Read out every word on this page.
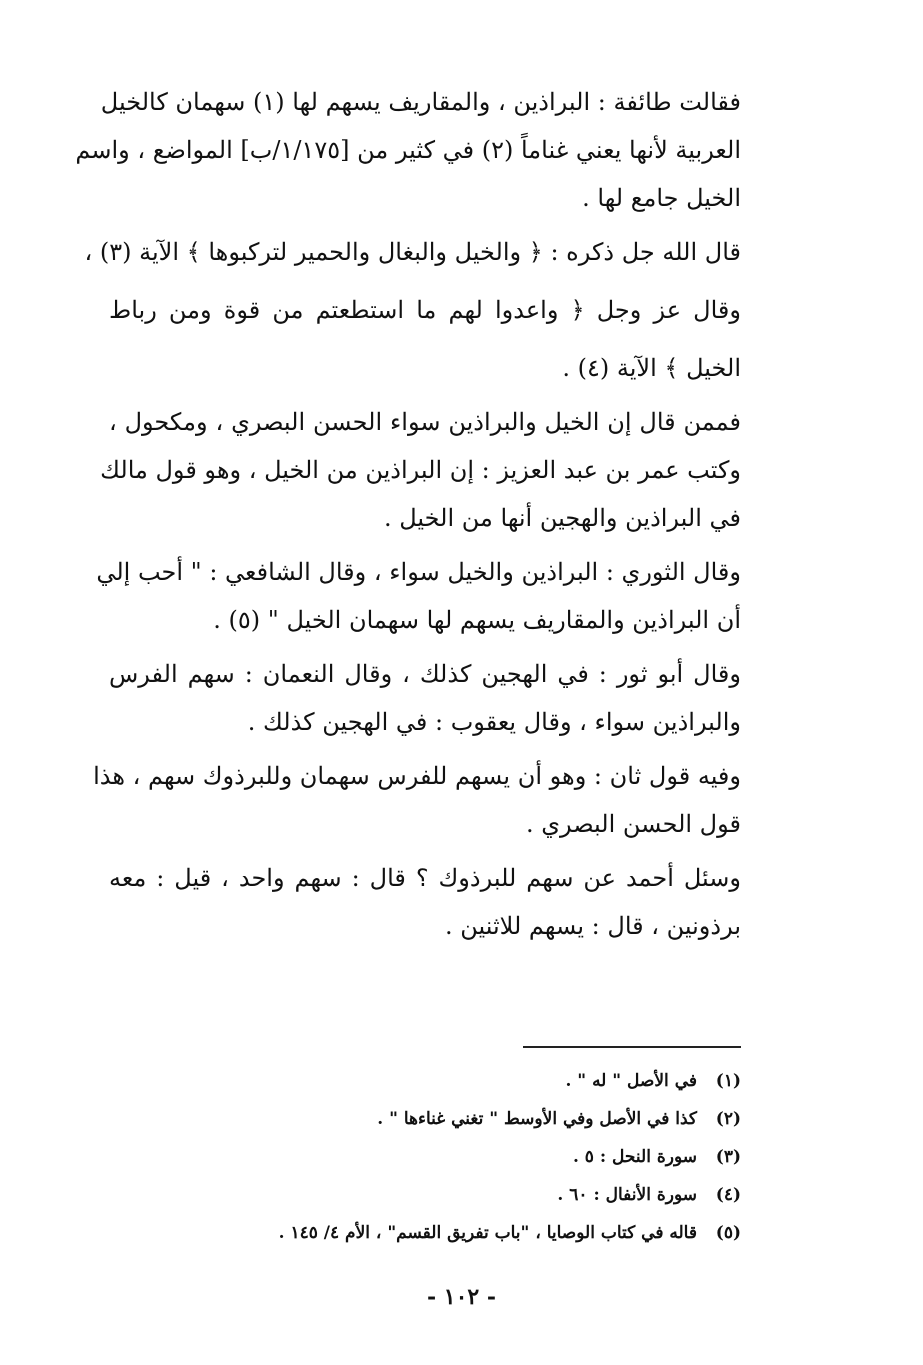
فقالت طائفة : البراذين ، والمقاريف يسهم لها (١) سهمان كالخيل
العربية لأنها يعني غناماً (٢) في كثير من [١/١٧٥/ب] المواضع ، واسم
الخيل جامع لها .
قال الله جل ذكره : ﴿ والخيل والبغال والحمير لتركبوها ﴾ الآية (٣) ،
وقال عز وجل ﴿ واعدوا لهم ما استطعتم من قوة ومن رباط
الخيل ﴾ الآية (٤) .
فممن قال إن الخيل والبراذين سواء الحسن البصري ، ومكحول ،
وكتب عمر بن عبد العزيز : إن البراذين من الخيل ، وهو قول مالك
في البراذين والهجين أنها من الخيل .
وقال الثوري : البراذين والخيل سواء ، وقال الشافعي : " أحب إلي
أن البراذين والمقاريف يسهم لها سهمان الخيل " (٥) .
وقال أبو ثور : في الهجين كذلك ، وقال النعمان : سهم الفرس
والبراذين سواء ، وقال يعقوب : في الهجين كذلك .
وفيه قول ثان : وهو أن يسهم للفرس سهمان وللبرذوك سهم ، هذا
قول الحسن البصري .
وسئل أحمد عن سهم للبرذوك ؟ قال : سهم واحد ، قيل : معه
برذونين ، قال : يسهم للاثنين .
(١)
في الأصل " له " .
(٢)
كذا في الأصل وفي الأوسط " تغني غناءها " .
(٣)
سورة النحل : ٥ .
(٤)
سورة الأنفال : ٦٠ .
(٥)
قاله في كتاب الوصايا ، "باب تفريق القسم" ، الأم ٤/ ١٤٥ .
- ١٠٢ -
